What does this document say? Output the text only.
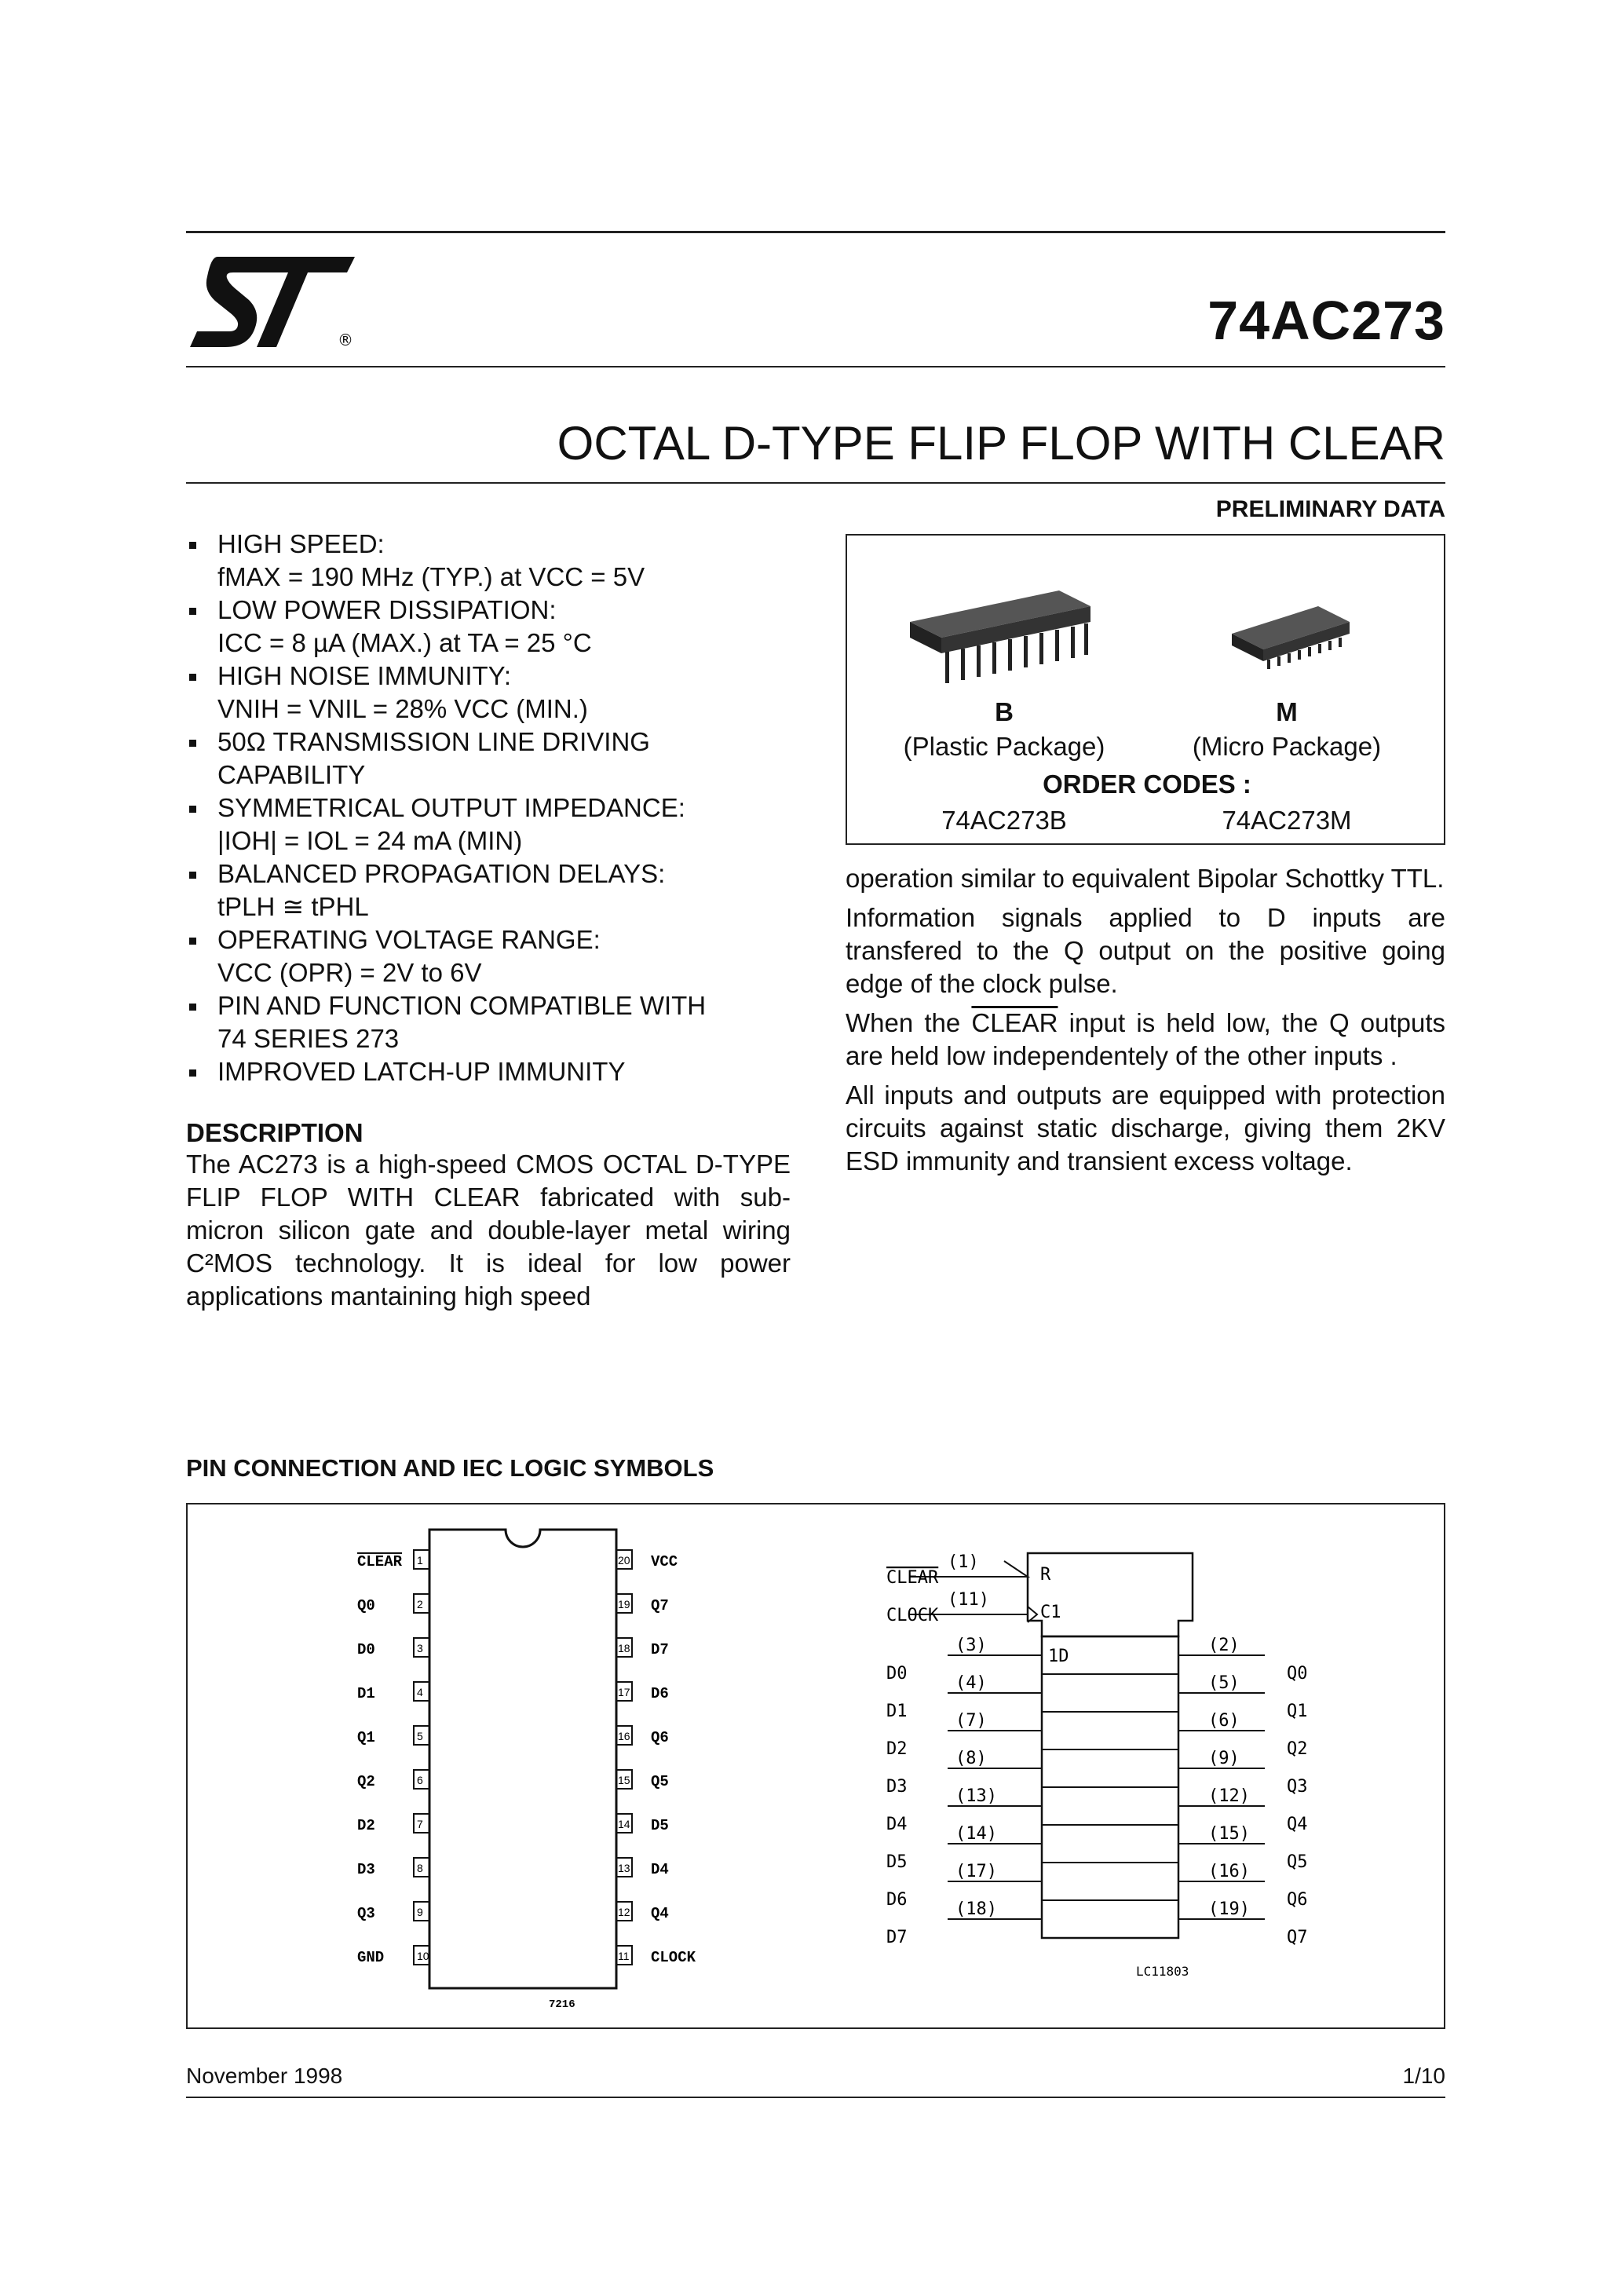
®	74AC273
OCTAL D-TYPE FLIP FLOP WITH CLEAR
PRELIMINARY DATA
HIGH SPEED:
fMAX = 190 MHz (TYP.) at VCC = 5V
LOW POWER DISSIPATION:
ICC = 8 µA (MAX.) at TA = 25 °C
HIGH NOISE IMMUNITY:
VNIH = VNIL = 28% VCC (MIN.)
50Ω TRANSMISSION LINE DRIVING
CAPABILITY
SYMMETRICAL OUTPUT IMPEDANCE:
|IOH| = IOL = 24 mA (MIN)
BALANCED PROPAGATION DELAYS:
tPLH ≅ tPHL
OPERATING VOLTAGE RANGE:
VCC (OPR) = 2V to 6V
PIN AND FUNCTION COMPATIBLE WITH
74 SERIES 273
IMPROVED LATCH-UP IMMUNITY
B
(Plastic Package)
M
(Micro Package)
ORDER CODES :
74AC273B	74AC273M
DESCRIPTION
The AC273 is a high-speed CMOS OCTAL D-TYPE FLIP FLOP WITH CLEAR fabricated with sub-micron silicon gate and double-layer metal wiring C²MOS technology. It is ideal for low power applications mantaining high speed

operation similar to equivalent Bipolar Schottky TTL.

Information signals applied to D inputs are transfered to the Q output on the positive going edge of the clock pulse.

When the CLEAR input is held low, the Q outputs are held low independentely of the other inputs .

All inputs and outputs are equipped with protection circuits against static discharge, giving them 2KV ESD immunity and transient excess voltage.

PIN CONNECTION AND IEC LOGIC SYMBOLS
1
CLEAR
2
Q0
3
D0
4
D1
5
Q1
6
Q2
7
D2
8
D3
9
Q3
10
GND
20 VCC
19 Q7
18 D7
17 D6
16 Q6
15 Q5
14 D5
13 D4
12 Q4
11 CLOCK
7216
R
C1
CLEAR
(1)
CLOCK
(11)
1D
D0
(3)
D1
(4)
D2
(7)
D3
(8)
D4
(13)
D5
(14)
D6
(17)
D7
(18)
Q0
(2)
Q1
(5)
Q2
(6)
Q3
(9)
Q4
(12)
Q5
(15)
Q6
(16)
Q7
(19)
LC11803
November 1998	1/10
